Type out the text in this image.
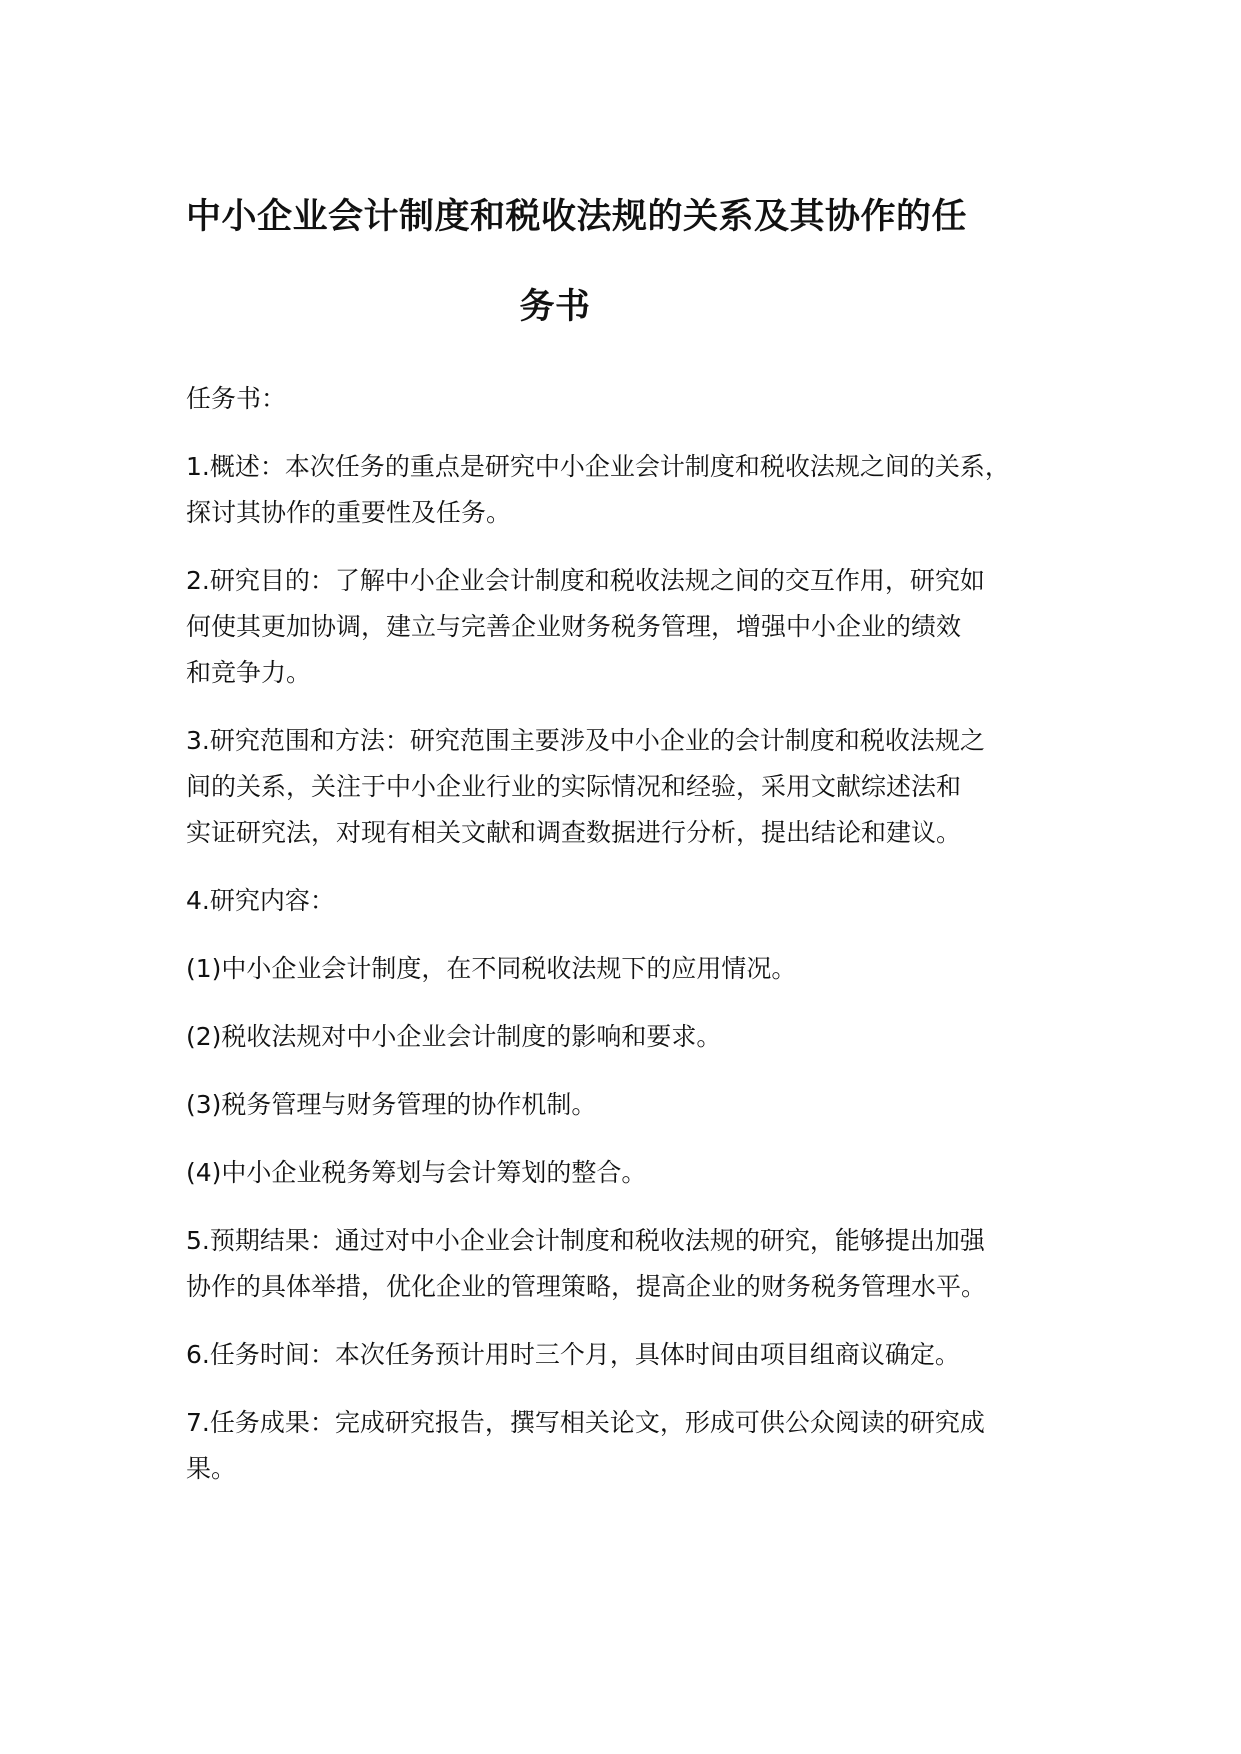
中小企业会计制度和税收法规的关系及其协作的任
务书

任务书：

1.概述：本次任务的重点是研究中小企业会计制度和税收法规之间的关系，
探讨其协作的重要性及任务。

2.研究目的：了解中小企业会计制度和税收法规之间的交互作用，研究如
何使其更加协调，建立与完善企业财务税务管理，增强中小企业的绩效
和竞争力。

3.研究范围和方法：研究范围主要涉及中小企业的会计制度和税收法规之
间的关系，关注于中小企业行业的实际情况和经验，采用文献综述法和
实证研究法，对现有相关文献和调查数据进行分析，提出结论和建议。

4.研究内容：

(1)中小企业会计制度，在不同税收法规下的应用情况。

(2)税收法规对中小企业会计制度的影响和要求。

(3)税务管理与财务管理的协作机制。

(4)中小企业税务筹划与会计筹划的整合。

5.预期结果：通过对中小企业会计制度和税收法规的研究，能够提出加强
协作的具体举措，优化企业的管理策略，提高企业的财务税务管理水平。

6.任务时间：本次任务预计用时三个月，具体时间由项目组商议确定。

7.任务成果：完成研究报告，撰写相关论文，形成可供公众阅读的研究成
果。
